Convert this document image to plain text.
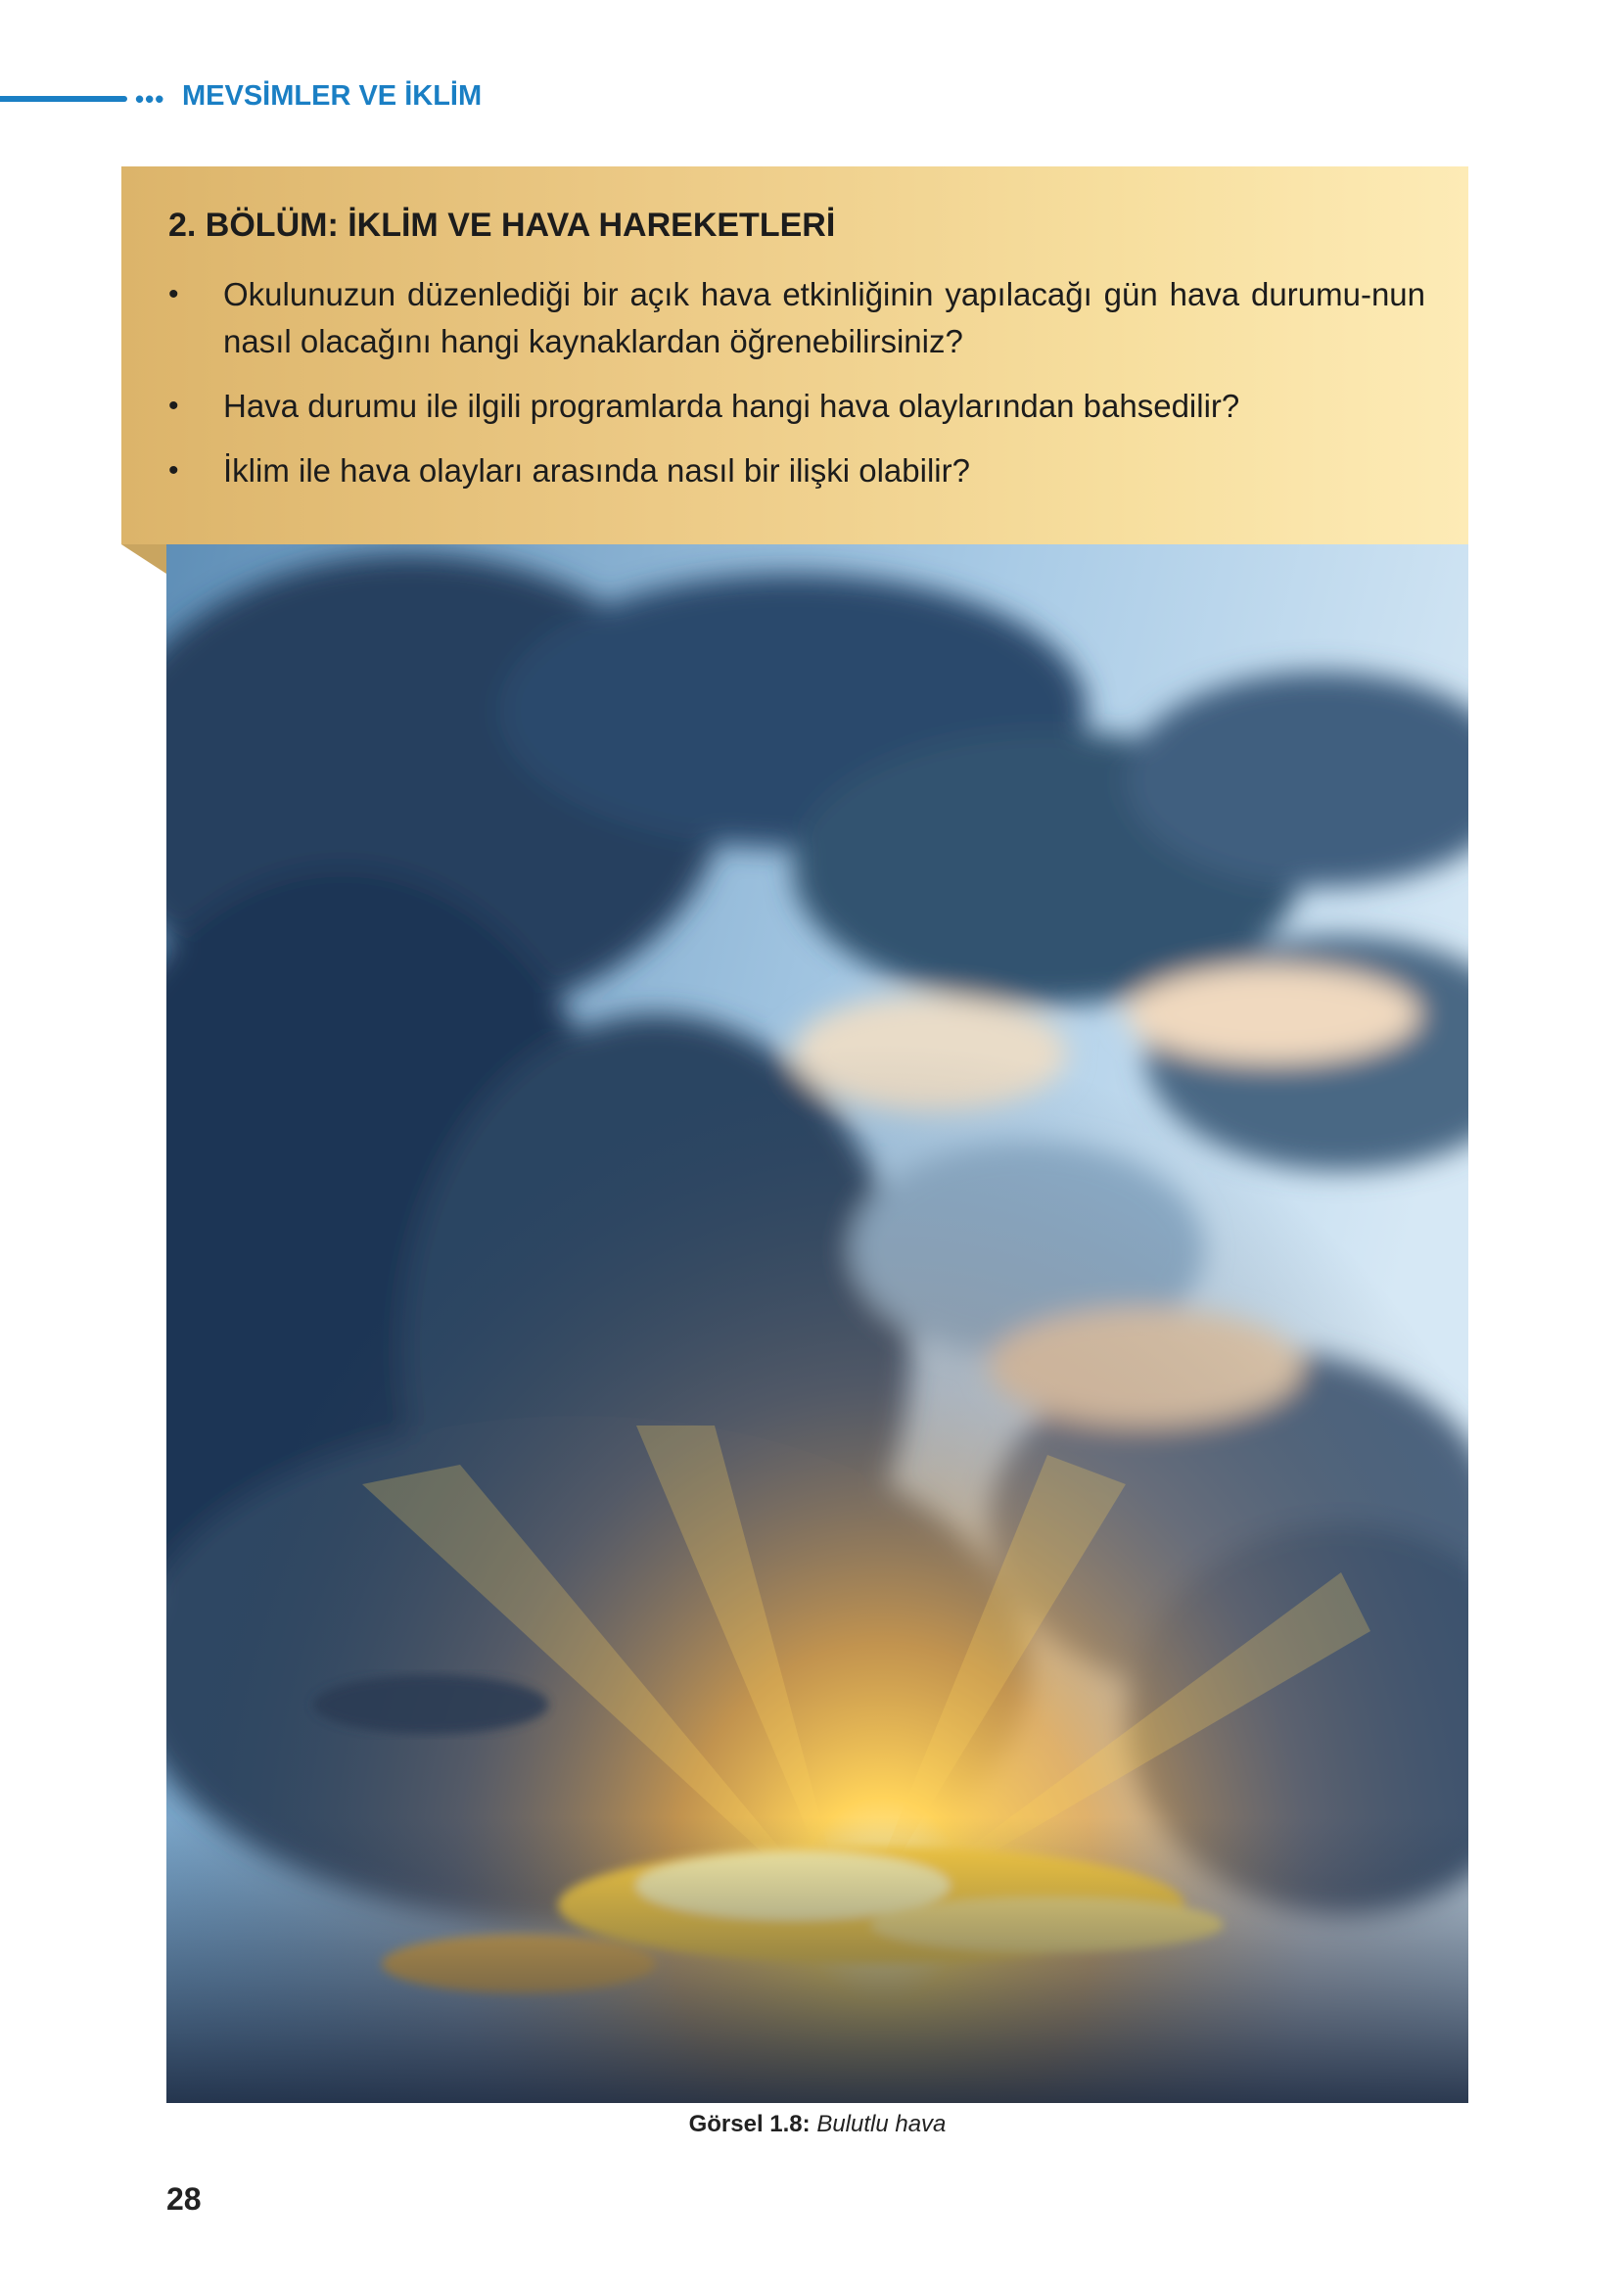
••• MEVSİMLER VE İKLİM
2. BÖLÜM: İKLİM VE HAVA HAREKETLERİ
• Okulunuzun düzenlediği bir açık hava etkinliğinin yapılacağı gün hava durumu-nun nasıl olacağını hangi kaynaklardan öğrenebilirsiniz?
• Hava durumu ile ilgili programlarda hangi hava olaylarından bahsedilir?
• İklim ile hava olayları arasında nasıl bir ilişki olabilir?
Görsel 1.8: Bulutlu hava
28
